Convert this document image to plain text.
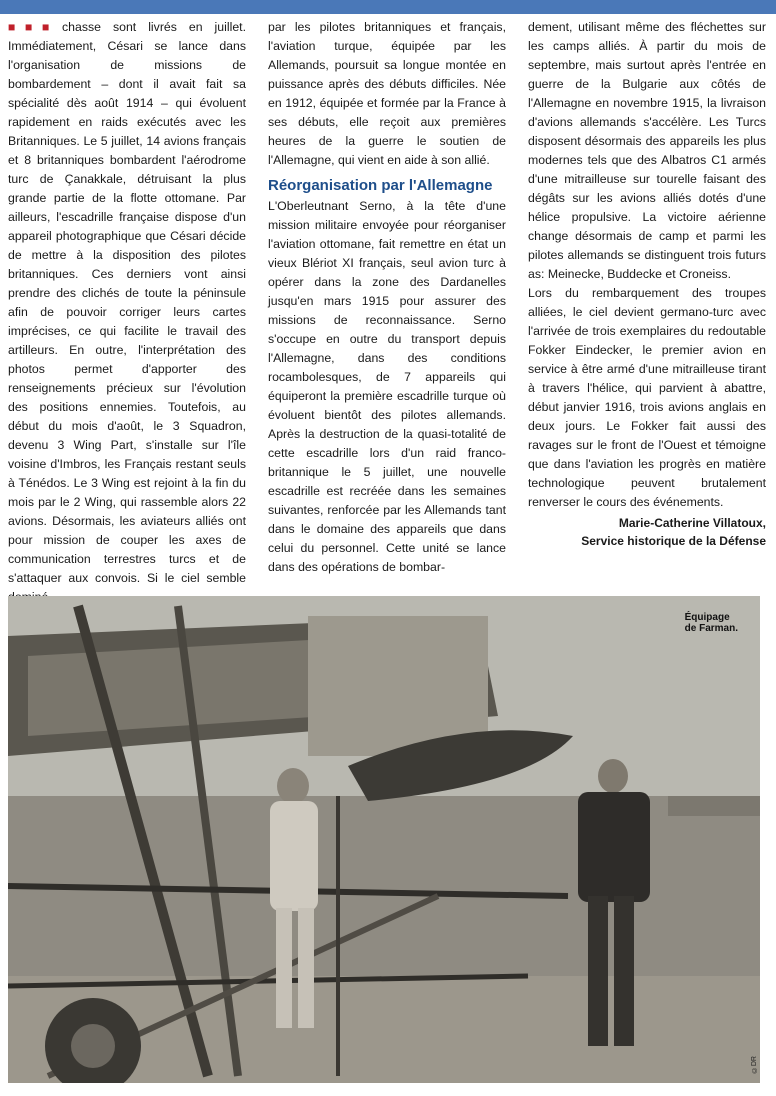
■■■ chasse sont livrés en juillet. Immédiatement, Césari se lance dans l'organisation de missions de bombardement – dont il avait fait sa spécialité dès août 1914 – qui évoluent rapidement en raids exécutés avec les Britanniques. Le 5 juillet, 14 avions français et 8 britanniques bombardent l'aérodrome turc de Çanakkale, détruisant la plus grande partie de la flotte ottomane. Par ailleurs, l'escadrille française dispose d'un appareil photographique que Césari décide de mettre à la disposition des pilotes britanniques. Ces derniers vont ainsi prendre des clichés de toute la péninsule afin de pouvoir corriger leurs cartes imprécises, ce qui facilite le travail des artilleurs. En outre, l'interprétation des photos permet d'apporter des renseignements précieux sur l'évolution des positions ennemies. Toutefois, au début du mois d'août, le 3 Squadron, devenu 3 Wing Part, s'installe sur l'île voisine d'Imbros, les Français restant seuls à Ténédos. Le 3 Wing est rejoint à la fin du mois par le 2 Wing, qui rassemble alors 22 avions. Désormais, les aviateurs alliés ont pour mission de couper les axes de communication terrestres turcs et de s'attaquer aux convois. Si le ciel semble

par les pilotes britanniques et français, l'aviation turque, équipée par les Allemands, poursuit sa longue montée en puissance après des débuts difficiles. Née en 1912, équipée et formée par la France à ses débuts, elle reçoit aux premières heures de la guerre le soutien de l'Allemagne, qui vient en aide à son allié.

Réorganisation par l'Allemagne

L'Oberleutnant Serno, à la tête d'une mission militaire envoyée pour réorganiser l'aviation ottomane, fait remettre en état un vieux Blériot XI français, seul avion turc à opérer dans la zone des Dardanelles jusqu'en mars 1915 pour assurer des missions de reconnaissance. Serno s'occupe en outre du transport depuis l'Allemagne, dans des conditions rocambolesques, de 7 appareils qui équiperont la première escadrille turque où évoluent bientôt des pilotes allemands. Après la destruction de la quasi-totalité de cette escadrille lors d'un raid franco-britannique le 5 juillet, une nouvelle escadrille est recréée dans les semaines suivantes, renforcée par les Allemands tant dans le domaine des appareils que dans celui du personnel. Cette unité se lance dans des opérations de bombar-

dement, utilisant même des fléchettes sur les camps alliés. À partir du mois de septembre, mais surtout après l'entrée en guerre de la Bulgarie aux côtés de l'Allemagne en novembre 1915, la livraison d'avions allemands s'accélère. Les Turcs disposent désormais des appareils les plus modernes tels que des Albatros C1 armés d'une mitrailleuse sur tourelle faisant des dégâts sur les avions alliés dotés d'une hélice propulsive. La victoire aérienne change désormais de camp et parmi les pilotes allemands se distinguent trois futurs as: Meinecke, Buddecke et Croneiss.

Lors du rembarquement des troupes alliées, le ciel devient germano-turc avec l'arrivée de trois exemplaires du redoutable Fokker Eindecker, le premier avion en service à être armé d'une mitrailleuse tirant à travers l'hélice, qui parvient à abattre, début janvier 1916, trois avions anglais en deux jours. Le Fokker fait aussi des ravages sur le front de l'Ouest et témoigne que dans l'aviation les progrès en matière technologique peuvent brutalement renverser le cours des événements.

Marie-Catherine Villatoux,
Service historique de la Défense
Équipage
de Farman.
©DR
